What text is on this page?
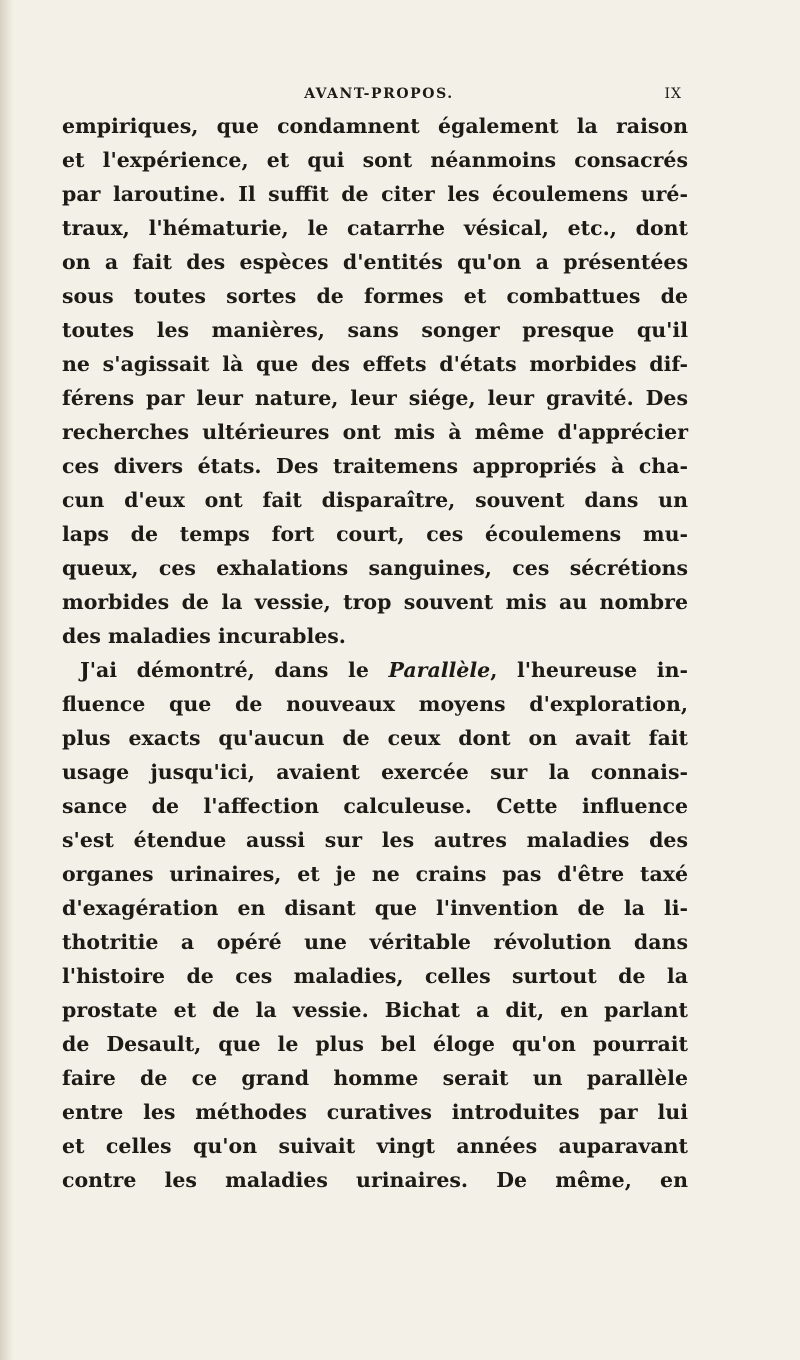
AVANT-PROPOS.	IX
empiriques, que condamnent également la raison
et l'expérience, et qui sont néanmoins consacrés
par laroutine. Il suffit de citer les écoulemens uré-
traux, l'hématurie, le catarrhe vésical, etc., dont
on a fait des espèces d'entités qu'on a présentées
sous toutes sortes de formes et combattues de
toutes les manières, sans songer presque qu'il
ne s'agissait là que des effets d'états morbides dif-
férens par leur nature, leur siége, leur gravité. Des
recherches ultérieures ont mis à même d'apprécier
ces divers états. Des traitemens appropriés à cha-
cun d'eux ont fait disparaître, souvent dans un
laps de temps fort court, ces écoulemens mu-
queux, ces exhalations sanguines, ces sécrétions
morbides de la vessie, trop souvent mis au nombre
des maladies incurables.
J'ai démontré, dans le Parallèle, l'heureuse in-
fluence que de nouveaux moyens d'exploration,
plus exacts qu'aucun de ceux dont on avait fait
usage jusqu'ici, avaient exercée sur la connais-
sance de l'affection calculeuse. Cette influence
s'est étendue aussi sur les autres maladies des
organes urinaires, et je ne crains pas d'être taxé
d'exagération en disant que l'invention de la li-
thotritie a opéré une véritable révolution dans
l'histoire de ces maladies, celles surtout de la
prostate et de la vessie. Bichat a dit, en parlant
de Desault, que le plus bel éloge qu'on pourrait
faire de ce grand homme serait un parallèle
entre les méthodes curatives introduites par lui
et celles qu'on suivait vingt années auparavant
contre les maladies urinaires. De même, en
